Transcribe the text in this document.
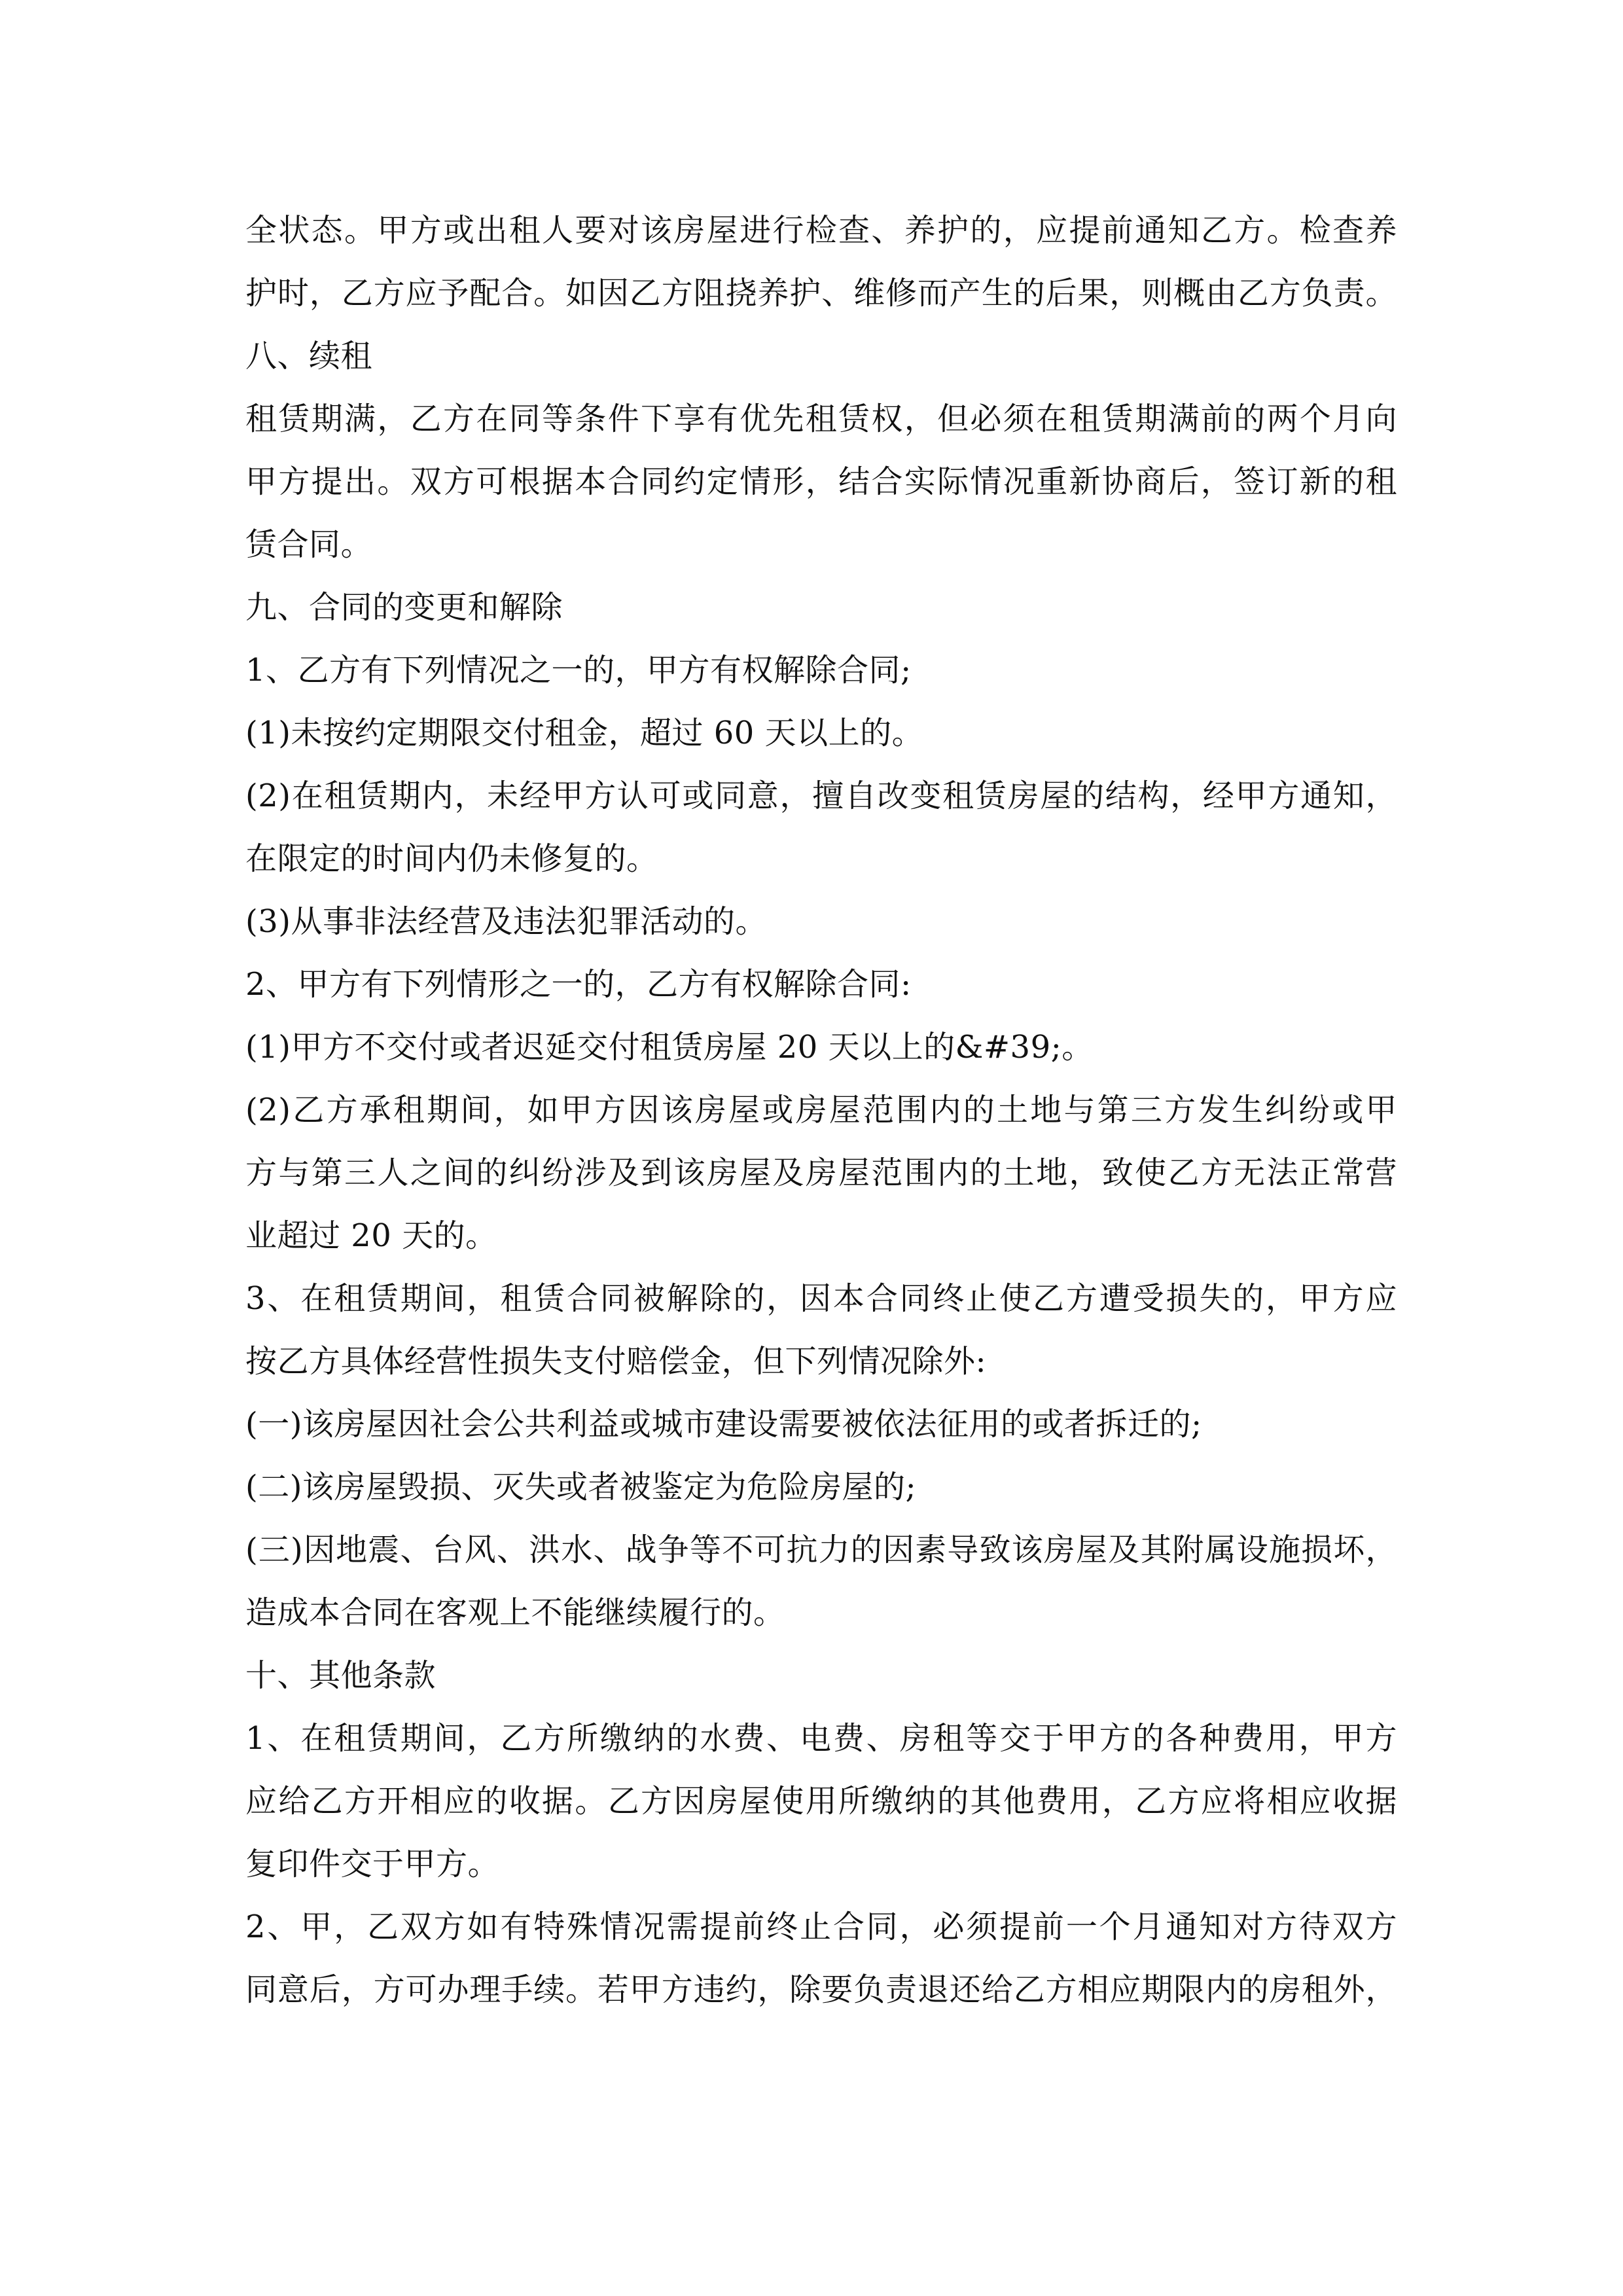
全状态。甲方或出租人要对该房屋进行检查、养护的，应提前通知乙方。检查养
护时，乙方应予配合。如因乙方阻挠养护、维修而产生的后果，则概由乙方负责。
八、续租
租赁期满，乙方在同等条件下享有优先租赁权，但必须在租赁期满前的两个月向
甲方提出。双方可根据本合同约定情形，结合实际情况重新协商后，签订新的租
赁合同。
九、合同的变更和解除
1、乙方有下列情况之一的，甲方有权解除合同;
(1)未按约定期限交付租金，超过 60 天以上的。
(2)在租赁期内，未经甲方认可或同意，擅自改变租赁房屋的结构，经甲方通知，
在限定的时间内仍未修复的。
(3)从事非法经营及违法犯罪活动的。
2、甲方有下列情形之一的，乙方有权解除合同:
(1)甲方不交付或者迟延交付租赁房屋 20 天以上的&#39;。
(2)乙方承租期间，如甲方因该房屋或房屋范围内的土地与第三方发生纠纷或甲
方与第三人之间的纠纷涉及到该房屋及房屋范围内的土地，致使乙方无法正常营
业超过 20 天的。
3、在租赁期间，租赁合同被解除的，因本合同终止使乙方遭受损失的，甲方应
按乙方具体经营性损失支付赔偿金，但下列情况除外:
(一)该房屋因社会公共利益或城市建设需要被依法征用的或者拆迁的;
(二)该房屋毁损、灭失或者被鉴定为危险房屋的;
(三)因地震、台风、洪水、战争等不可抗力的因素导致该房屋及其附属设施损坏，
造成本合同在客观上不能继续履行的。
十、其他条款
1、在租赁期间，乙方所缴纳的水费、电费、房租等交于甲方的各种费用，甲方
应给乙方开相应的收据。乙方因房屋使用所缴纳的其他费用，乙方应将相应收据
复印件交于甲方。
2、甲，乙双方如有特殊情况需提前终止合同，必须提前一个月通知对方待双方
同意后，方可办理手续。若甲方违约，除要负责退还给乙方相应期限内的房租外，
